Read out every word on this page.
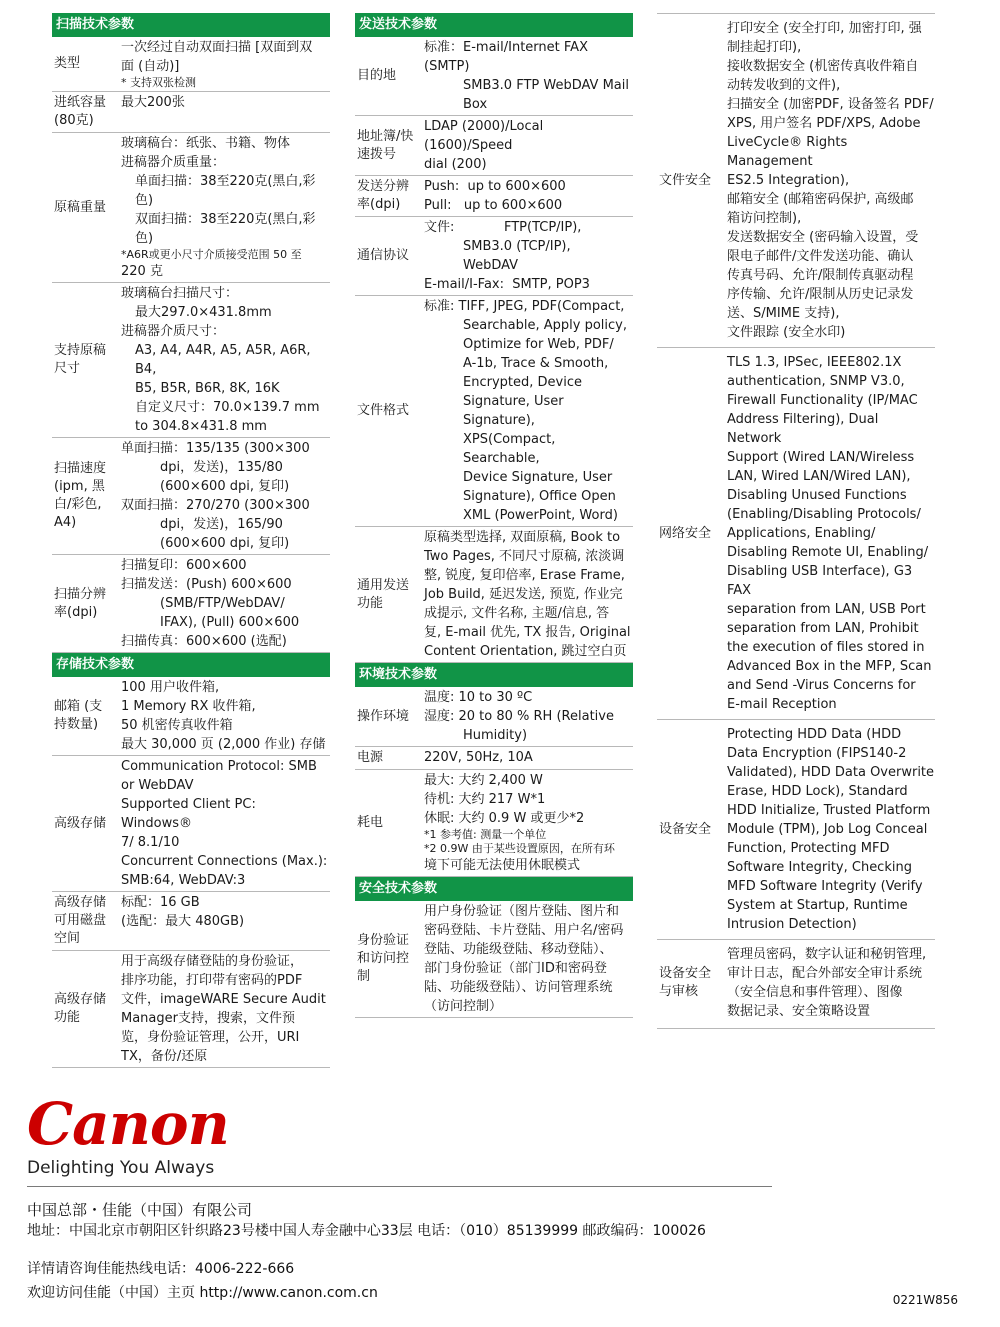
扫描技术参数
类型
一次经过自动双面扫描 [双面到双
面 (自动)]
* 支持双张检测
进纸容量
(80克)
最大200张
原稿重量
玻璃稿台：纸张、书籍、物体
进稿器介质重量：
单面扫描：38至220克(黑白,彩色)
双面扫描：38至220克(黑白,彩色)
*A6R或更小尺寸介质接受范围 50 至
220 克
支持原稿
尺寸
玻璃稿台扫描尺寸：
最大297.0×431.8mm
进稿器介质尺寸：
A3, A4, A4R, A5, A5R, A6R, B4,
B5, B5R, B6R, 8K, 16K
自定义尺寸：70.0×139.7 mm
to 304.8×431.8 mm
扫描速度
(ipm, 黑
白/彩色,
A4)
单面扫描：135/135 (300×300
dpi，发送)，135/80
(600×600 dpi, 复印)
双面扫描：270/270 (300×300
dpi，发送)，165/90
(600×600 dpi, 复印)
扫描分辨
率(dpi)
扫描复印：600×600
扫描发送：(Push) 600×600
(SMB/FTP/WebDAV/
IFAX), (Pull) 600×600
扫描传真：600×600 (选配)
存储技术参数
邮箱 (支
持数量)
100 用户收件箱,
1 Memory RX 收件箱,
50 机密传真收件箱
最大 30,000 页 (2,000 作业) 存储
高级存储
Communication Protocol: SMB
or WebDAV
Supported Client PC: Windows®
7/ 8.1/10
Concurrent Connections (Max.):
SMB:64, WebDAV:3
高级存储
可用磁盘
空间
标配：16 GB
(选配：最大 480GB)
高级存储
功能
用于高级存储登陆的身份验证，
排序功能，打印带有密码的PDF
文件，imageWARE Secure Audit
Manager支持，搜索，文件预
览，身份验证管理，公开，URI
TX，备份/还原
发送技术参数
目的地
标准：E-mail/Internet FAX (SMTP)
SMB3.0 FTP WebDAV Mail
Box
地址簿/快
速拨号
LDAP (2000)/Local (1600)/Speed
dial (200)
发送分辨
率(dpi)
Push:  up to 600×600
Pull:   up to 600×600
通信协议
文件:            FTP(TCP/IP),
SMB3.0 (TCP/IP),
WebDAV
E-mail/I-Fax:  SMTP, POP3
文件格式
标准: TIFF, JPEG, PDF(Compact,
Searchable, Apply policy,
Optimize for Web, PDF/
A-1b, Trace & Smooth,
Encrypted, Device
Signature, User Signature),
XPS(Compact, Searchable,
Device Signature, User
Signature), Office Open
XML (PowerPoint, Word)
通用发送
功能
原稿类型选择, 双面原稿, Book to
Two Pages, 不同尺寸原稿, 浓淡调
整, 锐度, 复印倍率, Erase Frame,
Job Build, 延迟发送, 预览, 作业完
成提示, 文件名称, 主题/信息, 答
复, E-mail 优先, TX 报告, Original
Content Orientation, 跳过空白页
环境技术参数
操作环境
温度: 10 to 30 ºC
湿度: 20 to 80 % RH (Relative
Humidity)
电源	220V, 50Hz, 10A
耗电
最大: 大约 2,400 W
待机: 大约 217 W*1
休眠: 大约 0.9 W 或更少*2
*1 参考值: 测量一个单位
*2 0.9W 由于某些设置原因，在所有环
境下可能无法使用休眠模式
安全技术参数
身份验证
和访问控
制
用户身份验证（图片登陆、图片和
密码登陆、卡片登陆、用户名/密码
登陆、功能级登陆、移动登陆）、
部门身份验证（部门ID和密码登
陆、功能级登陆）、访问管理系统
（访问控制）
文件安全
打印安全 (安全打印, 加密打印, 强
制挂起打印),
接收数据安全 (机密传真收件箱自
动转发收到的文件),
扫描安全 (加密PDF, 设备签名 PDF/
XPS, 用户签名 PDF/XPS, Adobe
LiveCycle® Rights Management
ES2.5 Integration),
邮箱安全 (邮箱密码保护, 高级邮
箱访问控制),
发送数据安全 (密码输入设置，受
限电子邮件/文件发送功能、确认
传真号码、允许/限制传真驱动程
序传输、允许/限制从历史记录发
送、S/MIME 支持),
文件跟踪 (安全水印)
网络安全
TLS 1.3, IPSec, IEEE802.1X
authentication, SNMP V3.0,
Firewall Functionality (IP/MAC
Address Filtering), Dual Network
Support (Wired LAN/Wireless
LAN, Wired LAN/Wired LAN),
Disabling Unused Functions
(Enabling/Disabling Protocols/
Applications, Enabling/
Disabling Remote UI, Enabling/
Disabling USB Interface), G3 FAX
separation from LAN, USB Port
separation from LAN, Prohibit
the execution of files stored in
Advanced Box in the MFP, Scan
and Send -Virus Concerns for
E-mail Reception
设备安全
Protecting HDD Data (HDD
Data Encryption (FIPS140-2
Validated), HDD Data Overwrite
Erase, HDD Lock), Standard
HDD Initialize, Trusted Platform
Module (TPM), Job Log Conceal
Function, Protecting MFD
Software Integrity, Checking
MFD Software Integrity (Verify
System at Startup, Runtime
Intrusion Detection)
设备安全
与审核
管理员密码，数字认证和秘钥管理,
审计日志，配合外部安全审计系统
（安全信息和事件管理）、图像
数据记录、安全策略设置
Canon
Delighting You Always
中国总部・佳能（中国）有限公司
地址：中国北京市朝阳区针织路23号楼中国人寿金融中心33层 电话：（010）85139999 邮政编码：100026
详情请咨询佳能热线电话：4006-222-666
欢迎访问佳能（中国）主页 http://www.canon.com.cn	0221W856
